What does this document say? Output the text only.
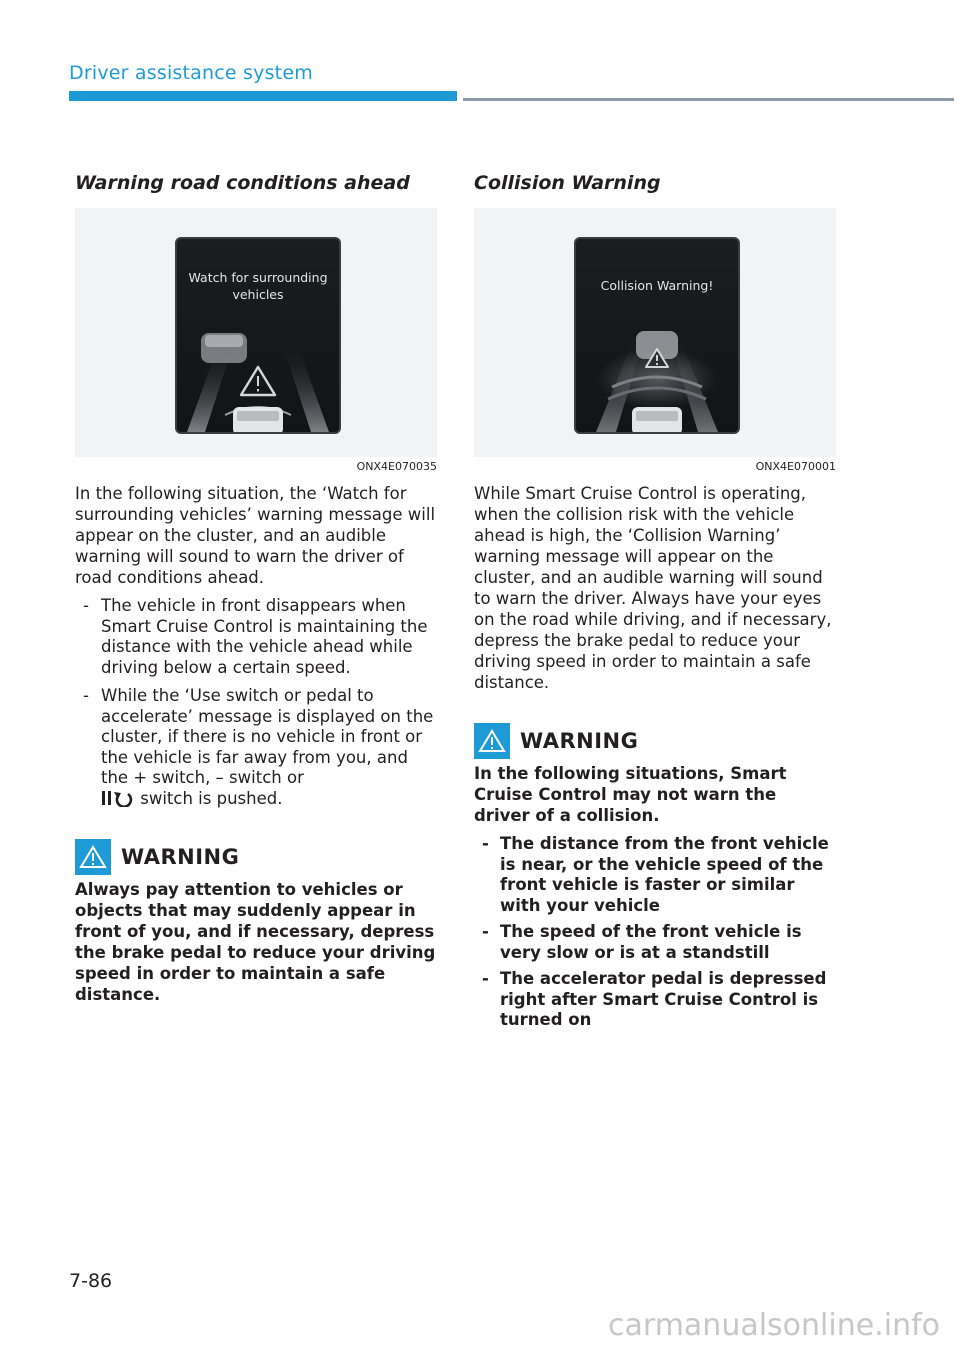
Driver assistance system
Warning road conditions ahead
Watch for surrounding
vehicles
ONX4E070035

In the following situation, the ‘Watch for surrounding vehicles’ warning message will appear on the cluster, and an audible warning will sound to warn the driver of road conditions ahead.

- The vehicle in front disappears when Smart Cruise Control is maintaining the distance with the vehicle ahead while driving below a certain speed.
- While the ‘Use switch or pedal to accelerate’ message is displayed on the cluster, if there is no vehicle in front or the vehicle is far away from you, and the + switch, – switch or
switch is pushed.
WARNING

Always pay attention to vehicles or objects that may suddenly appear in front of you, and if necessary, depress the brake pedal to reduce your driving speed in order to maintain a safe distance.

Collision Warning
Collision Warning!
ONX4E070001

While Smart Cruise Control is operating, when the collision risk with the vehicle ahead is high, the ‘Collision Warning’ warning message will appear on the cluster, and an audible warning will sound to warn the driver. Always have your eyes on the road while driving, and if necessary, depress the brake pedal to reduce your driving speed in order to maintain a safe distance.

WARNING

In the following situations, Smart Cruise Control may not warn the driver of a collision.

- The distance from the front vehicle is near, or the vehicle speed of the front vehicle is faster or similar with your vehicle
- The speed of the front vehicle is very slow or is at a standstill
- The accelerator pedal is depressed right after Smart Cruise Control is turned on
7-86
carmanualsonline.info
